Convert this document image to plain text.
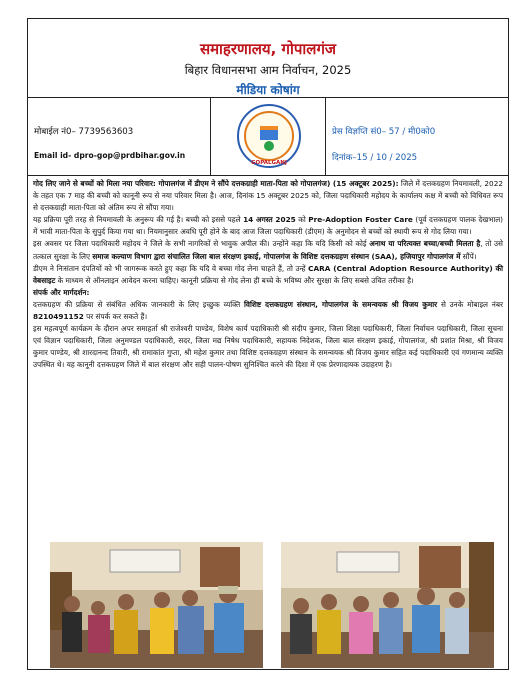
समाहरणालय, गोपालगंज
बिहार विधानसभा आम निर्वाचन, 2025
मीडिया कोषांग
मोबाईल नं0– 7739563603
Email id- dpro-gop@prdbihar.gov.in
GOPALGANJ
प्रेस विज्ञप्ति सं0– 57 / मी0को0
दिनांक–15 / 10 / 2025

गोद लिए जाने से बच्चों को मिला नया परिवार: गोपालगंज में डीएम ने सौंपे दत्तकग्राही माता-पिता को गोपालगंज) (15 अक्टूबर 2025): जिले में दत्तकग्रहण नियमावली, 2022 के तहत एक 7 माह की बच्ची को कानूनी रूप से नया परिवार मिला है। आज, दिनांक 15 अक्टूबर 2025 को, जिला पदाधिकारी महोदय के कार्यालय कक्ष में बच्ची को विधिवत रूप से दत्तकग्राही माता-पिता को अंतिम रूप से सौंपा गया।

यह प्रक्रिया पूरी तरह से नियमावली के अनुरूप की गई है। बच्ची को इससे पहले 14 अगस्त 2025 को Pre-Adoption Foster Care (पूर्व दत्तकग्रहण पालक देखभाल) में भावी माता-पिता के सुपुर्द किया गया था। नियमानुसार अवधि पूरी होने के बाद आज जिला पदाधिकारी (डीएम) के अनुमोदन से बच्चों को स्थायी रूप से गोद लिया गया।

इस अवसर पर जिला पदाधिकारी महोदय ने जिले के सभी नागरिकों से भावुक अपील की। उन्होंने कहा कि यदि किसी को कोई अनाथ या परित्यक्त बच्चा/बच्ची मिलता है, तो उसे तत्काल सुरक्षा के लिए समाज कल्याण विभाग द्वारा संचालित जिला बाल संरक्षण इकाई, गोपालगंज के विशिष्ट दत्तकग्रहण संस्थान (SAA), हजियापुर गोपालगंज में सौंपें।

डीएम ने निःसंतान दंपतियों को भी जागरूक करते हुए कहा कि यदि वे बच्चा गोद लेना चाहते हैं, तो उन्हें CARA (Central Adoption Resource Authority) की वेबसाइट के माध्यम से ऑनलाइन आवेदन करना चाहिए। कानूनी प्रक्रिया से गोद लेना ही बच्चे के भविष्य और सुरक्षा के लिए सबसे उचित तरीका है।

संपर्क और मार्गदर्शन:

दत्तकग्रहण की प्रक्रिया से संबंधित अधिक जानकारी के लिए इच्छुक व्यक्ति विशिष्ट दत्तकग्रहण संस्थान, गोपालगंज के समन्वयक श्री विजय कुमार से उनके मोबाइल नंबर 8210491152 पर संपर्क कर सकते हैं।

इस महत्वपूर्ण कार्यक्रम के दौरान अपर समाहर्ता श्री राजेश्वरी पाण्डेय, विशेष कार्य पदाधिकारी श्री संदीप कुमार, जिला शिक्षा पदाधिकारी, जिला निर्वाचन पदाधिकारी, जिला सूचना एवं विज्ञान पदाधिकारी, जिला अनुमण्डल पदाधिकारी, सदर, जिला मद्य निषेध पदाधिकारी, सहायक निदेशक, जिला बाल संरक्षण इकाई, गोपालगंज, श्री प्रशांत मिश्रा, श्री विजय कुमार पाण्डेय, श्री शारदानन्द तिवारी, श्री रामाकांत गुप्ता, श्री महेश कुमार तथा विशिष्ट दत्तकग्रहण संस्थान के समन्वयक श्री विजय कुमार सहित कई पदाधिकारी एवं गणमान्य व्यक्ति उपस्थित थे। यह कानूनी दत्तकग्रहण जिले में बाल संरक्षण और सही पालन-पोषण सुनिश्चित करने की दिशा में एक प्रेरणादायक उदाहरण है।
